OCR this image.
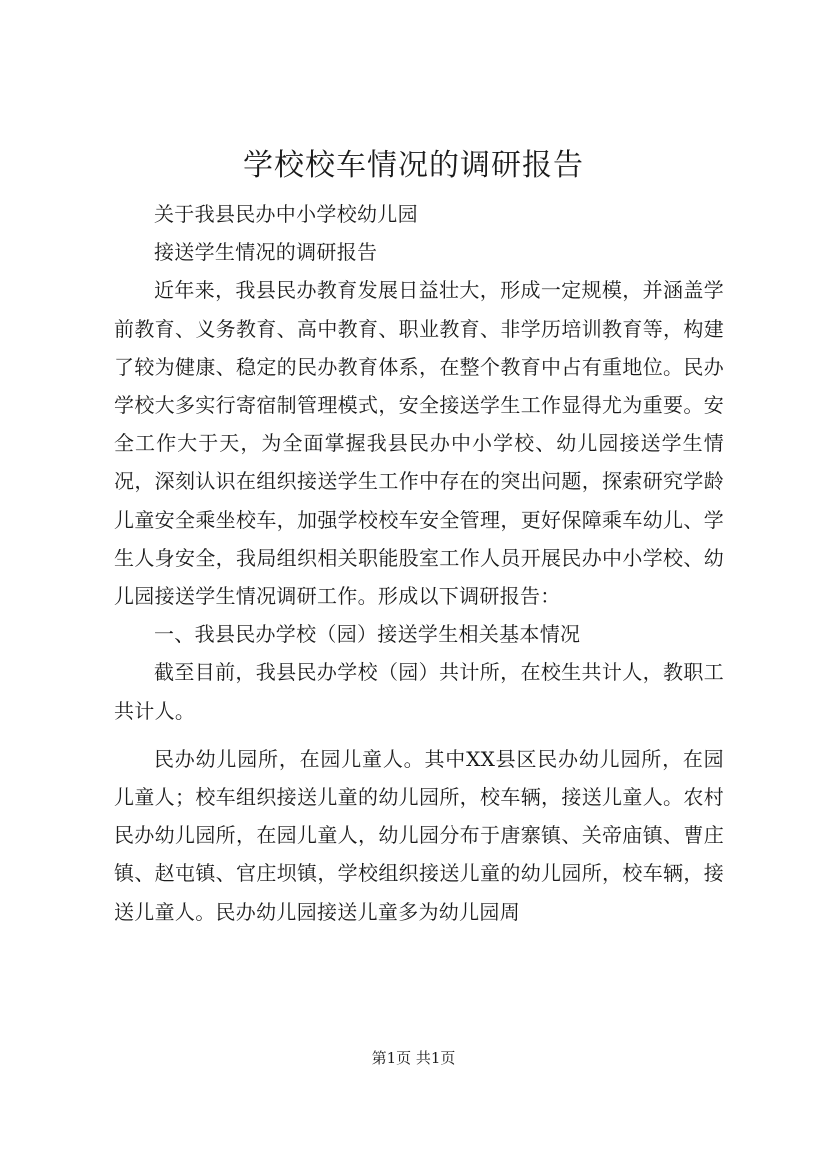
学校校车情况的调研报告

关于我县民办中小学校幼儿园

接送学生情况的调研报告

近年来，我县民办教育发展日益壮大，形成一定规模，并涵盖学前教育、义务教育、高中教育、职业教育、非学历培训教育等，构建了较为健康、稳定的民办教育体系，在整个教育中占有重地位。民办学校大多实行寄宿制管理模式，安全接送学生工作显得尤为重要。安全工作大于天，为全面掌握我县民办中小学校、幼儿园接送学生情况，深刻认识在组织接送学生工作中存在的突出问题，探索研究学龄儿童安全乘坐校车，加强学校校车安全管理，更好保障乘车幼儿、学生人身安全，我局组织相关职能股室工作人员开展民办中小学校、幼儿园接送学生情况调研工作。形成以下调研报告：

一、我县民办学校（园）接送学生相关基本情况

截至目前，我县民办学校（园）共计所，在校生共计人，教职工共计人。

民办幼儿园所，在园儿童人。其中XX县区民办幼儿园所，在园儿童人；校车组织接送儿童的幼儿园所，校车辆，接送儿童人。农村民办幼儿园所，在园儿童人，幼儿园分布于唐寨镇、关帝庙镇、曹庄镇、赵屯镇、官庄坝镇，学校组织接送儿童的幼儿园所，校车辆，接送儿童人。民办幼儿园接送儿童多为幼儿园周

第1页 共1页
